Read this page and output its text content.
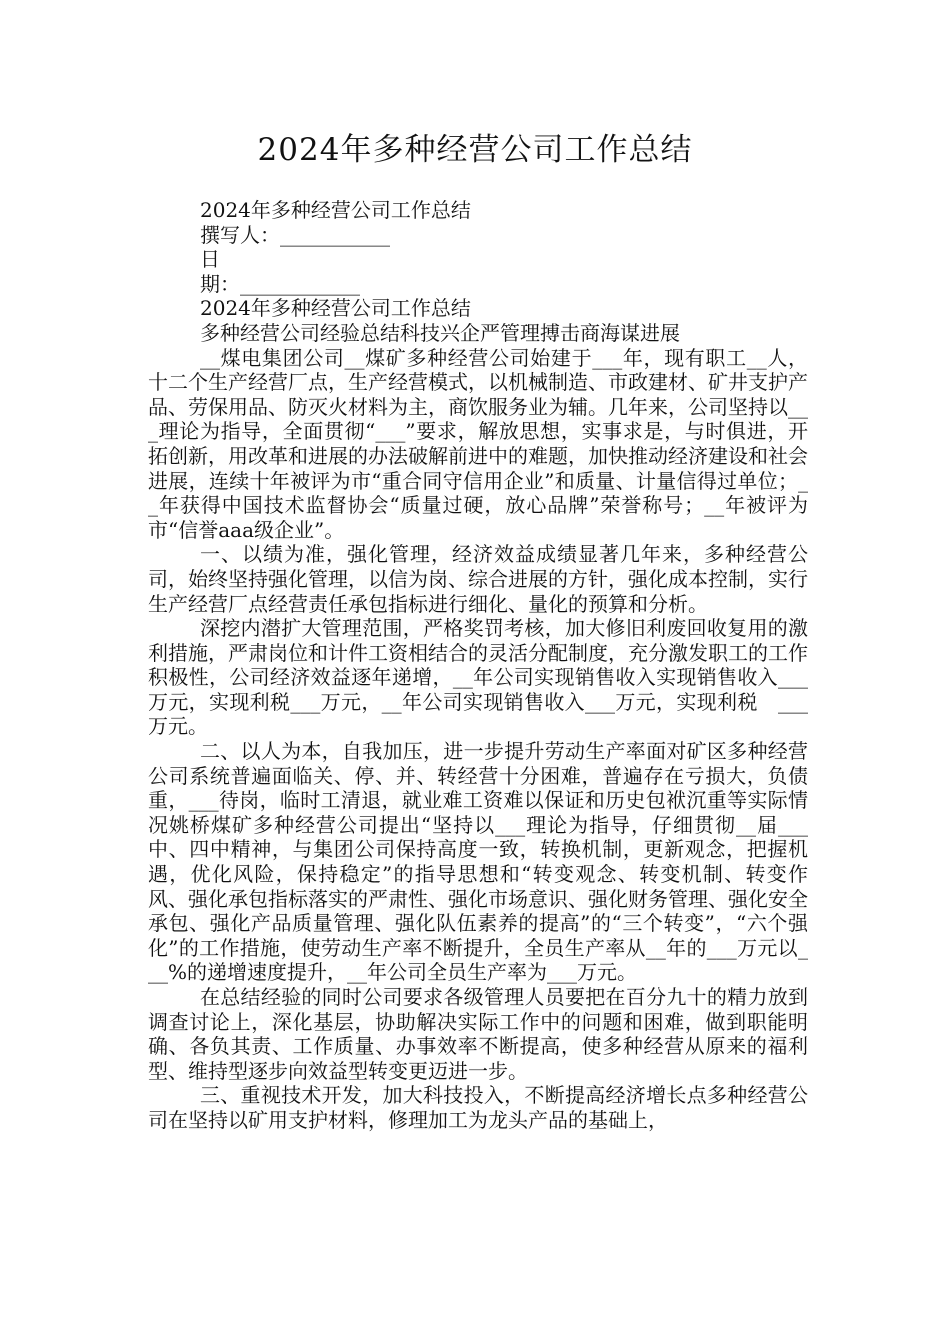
2024年多种经营公司工作总结

2024年多种经营公司工作总结

撰写人：___________

日

期：____________

2024年多种经营公司工作总结

多种经营公司经验总结科技兴企严管理搏击商海谋进展

__煤电集团公司__煤矿多种经营公司始建于___年，现有职工__人，十二个生产经营厂点，生产经营模式，以机械制造、市政建材、矿井支护产品、劳保用品、防灭火材料为主，商饮服务业为辅。几年来，公司坚持以___理论为指导，全面贯彻“___”要求，解放思想，实事求是，与时俱进，开拓创新，用改革和进展的办法破解前进中的难题，加快推动经济建设和社会进展，连续十年被评为市“重合同守信用企业”和质量、计量信得过单位；__年获得中国技术监督协会“质量过硬，放心品牌”荣誉称号；__年被评为市“信誉aaa级企业”。

一、以绩为准，强化管理，经济效益成绩显著几年来，多种经营公司，始终坚持强化管理，以信为岗、综合进展的方针，强化成本控制，实行生产经营厂点经营责任承包指标进行细化、量化的预算和分析。

深挖内潜扩大管理范围，严格奖罚考核，加大修旧利废回收复用的激利措施，严肃岗位和计件工资相结合的灵活分配制度，充分激发职工的工作积极性，公司经济效益逐年递增，__年公司实现销售收入实现销售收入___万元，实现利税___万元，__年公司实现销售收入___万元，实现利税　___万元。

二、以人为本，自我加压，进一步提升劳动生产率面对矿区多种经营公司系统普遍面临关、停、并、转经营十分困难，普遍存在亏损大，负债重，___待岗，临时工清退，就业难工资难以保证和历史包袱沉重等实际情况姚桥煤矿多种经营公司提出“坚持以___理论为指导，仔细贯彻__届___中、四中精神，与集团公司保持高度一致，转换机制，更新观念，把握机遇，优化风险，保持稳定”的指导思想和“转变观念、转变机制、转变作风、强化承包指标落实的严肃性、强化市场意识、强化财务管理、强化安全承包、强化产品质量管理、强化队伍素养的提高”的“三个转变”，“六个强化”的工作措施，使劳动生产率不断提升，全员生产率从__年的___万元以___%的递增速度提升，__年公司全员生产率为___万元。

在总结经验的同时公司要求各级管理人员要把在百分九十的精力放到调查讨论上，深化基层，协助解决实际工作中的问题和困难，做到职能明确、各负其责、工作质量、办事效率不断提高，使多种经营从原来的福利型、维持型逐步向效益型转变更迈进一步。

三、重视技术开发，加大科技投入，不断提高经济增长点多种经营公司在坚持以矿用支护材料，修理加工为龙头产品的基础上，
